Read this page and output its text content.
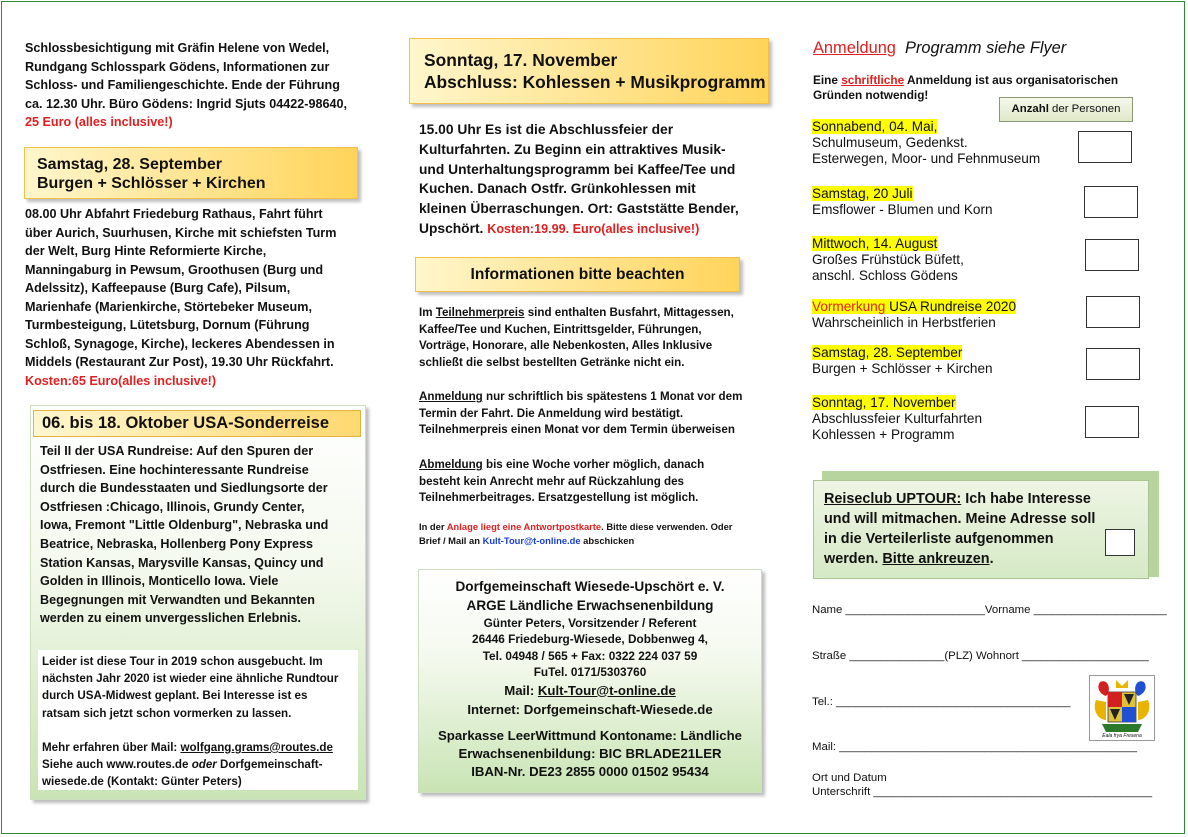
Schlossbesichtigung mit Gräfin Helene von Wedel,

Rundgang Schlosspark Gödens, Informationen zur

Schloss- und Familiengeschichte. Ende der Führung

ca. 12.30 Uhr. Büro Gödens: Ingrid Sjuts 04422-98640,

25 Euro (alles inclusive!)

Samstag, 28. September

Burgen + Schlösser + Kirchen

08.00 Uhr Abfahrt Friedeburg Rathaus, Fahrt führt

über Aurich, Suurhusen, Kirche mit schiefsten Turm

der Welt, Burg Hinte Reformierte Kirche,

Manningaburg in Pewsum, Groothusen (Burg und

Adelssitz), Kaffeepause (Burg Cafe), Pilsum,

Marienhafe (Marienkirche, Störtebeker Museum,

Turmbesteigung, Lütetsburg, Dornum (Führung

Schloß, Synagoge, Kirche), leckeres Abendessen in

Middels (Restaurant Zur Post), 19.30 Uhr Rückfahrt.

Kosten:65 Euro(alles inclusive!)

06. bis 18. Oktober USA-Sonderreise

Teil II der USA Rundreise: Auf den Spuren der

Ostfriesen. Eine hochinteressante Rundreise

durch die Bundesstaaten und Siedlungsorte der

Ostfriesen :Chicago, Illinois, Grundy Center,

Iowa, Fremont "Little Oldenburg", Nebraska und

Beatrice, Nebraska, Hollenberg Pony Express

Station Kansas, Marysville Kansas, Quincy und

Golden in Illinois, Monticello Iowa. Viele

Begegnungen mit Verwandten und Bekannten

werden zu einem unvergesslichen Erlebnis.

Leider ist diese Tour in 2019 schon ausgebucht. Im

nächsten Jahr 2020 ist wieder eine ähnliche Rundtour

durch USA-Midwest geplant. Bei Interesse ist es

ratsam sich jetzt schon vormerken zu lassen.

Mehr erfahren über Mail: wolfgang.grams@routes.de

Siehe auch www.routes.de oder Dorfgemeinschaft-

wiesede.de (Kontakt: Günter Peters)

Sonntag, 17. November

Abschluss: Kohlessen + Musikprogramm

15.00 Uhr Es ist die Abschlussfeier der

Kulturfahrten. Zu Beginn ein attraktives Musik-

und Unterhaltungsprogramm bei Kaffee/Tee und

Kuchen. Danach Ostfr. Grünkohlessen mit

kleinen Überraschungen. Ort: Gaststätte Bender,

Upschört. Kosten:19.99. Euro(alles inclusive!)

Informationen bitte beachten

Im Teilnehmerpreis sind enthalten Busfahrt, Mittagessen,

Kaffee/Tee und Kuchen, Eintrittsgelder, Führungen,

Vorträge, Honorare, alle Nebenkosten, Alles Inklusive

schließt die selbst bestellten Getränke nicht ein.

Anmeldung nur schriftlich bis spätestens 1 Monat vor dem

Termin der Fahrt. Die Anmeldung wird bestätigt.

Teilnehmerpreis einen Monat vor dem Termin überweisen

Abmeldung bis eine Woche vorher möglich, danach

besteht kein Anrecht mehr auf Rückzahlung des

Teilnehmerbeitrages. Ersatzgestellung ist möglich.

In der Anlage liegt eine Antwortpostkarte. Bitte diese verwenden. Oder

Brief / Mail an Kult-Tour@t-online.de abschicken

Dorfgemeinschaft Wiesede-Upschört e. V.

ARGE Ländliche Erwachsenenbildung

Günter Peters, Vorsitzender / Referent

26446 Friedeburg-Wiesede, Dobbenweg 4,

Tel. 04948 / 565 + Fax: 0322 224 037 59

FuTel. 0171/5303760

Mail: Kult-Tour@t-online.de

Internet: Dorfgemeinschaft-Wiesede.de

Sparkasse LeerWittmund Kontoname: Ländliche

Erwachsenenbildung: BIC BRLADE21LER

IBAN-Nr. DE23 2855 0000 01502 95434

Anmeldung Programm siehe Flyer

Eine schriftliche Anmeldung ist aus organisatorischen

Gründen notwendig!

Anzahl der Personen

Sonnabend, 04. Mai,

Schulmuseum, Gedenkst.

Esterwegen, Moor- und Fehnmuseum

Samstag, 20 Juli

Emsflower - Blumen und Korn

Mittwoch, 14. August

Großes Frühstück Büfett,

anschl. Schloss Gödens

Vormerkung USA Rundreise 2020

Wahrscheinlich in Herbstferien

Samstag, 28. September

Burgen + Schlösser + Kirchen

Sonntag, 17. November

Abschlussfeier Kulturfahrten

Kohlessen + Programm

Reiseclub UPTOUR: Ich habe Interesse

und will mitmachen. Meine Adresse soll

in die Verteilerliste aufgenommen

werden. Bitte ankreuzen.

Name ______________________Vorname _____________________
Straße _______________(PLZ) Wohnort ____________________
Tel.: _____________________________________
Mail: _______________________________________________
Ort und Datum
Unterschrift ____________________________________________
Eala frya Fresena
